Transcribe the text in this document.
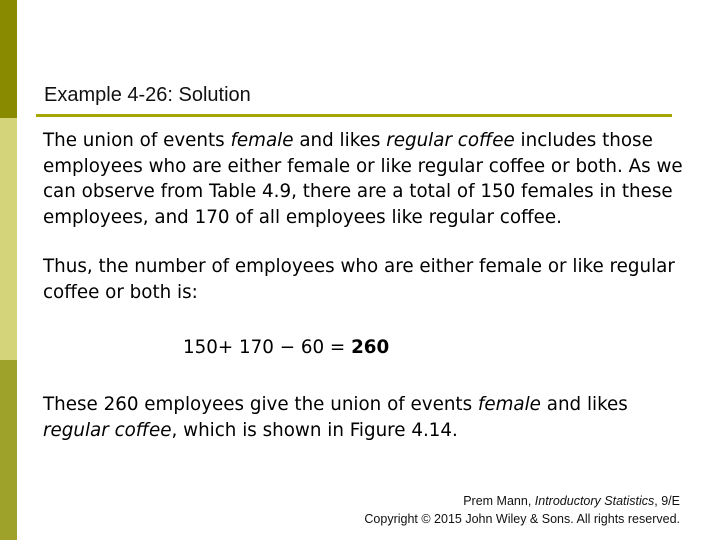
Example 4-26: Solution
The union of events female and likes regular coffee includes those employees who are either female or like regular coffee or both. As we can observe from Table 4.9, there are a total of 150 females in these employees, and 170 of all employees like regular coffee.
Thus, the number of employees who are either female or like regular coffee or both is:
150+ 170 − 60 = 260
These 260 employees give the union of events female and likes regular coffee, which is shown in Figure 4.14.
Prem Mann, Introductory Statistics, 9/E
Copyright © 2015 John Wiley & Sons. All rights reserved.
